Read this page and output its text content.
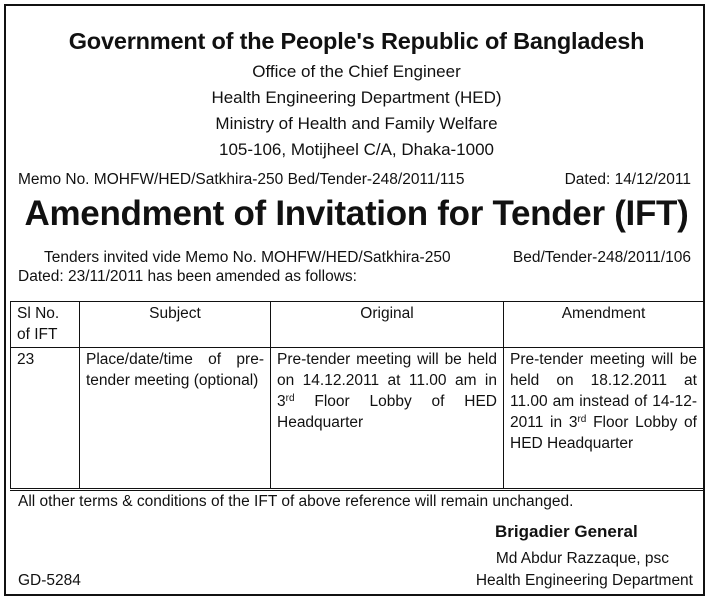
Government of the People's Republic of Bangladesh
Office of the Chief Engineer
Health Engineering Department (HED)
Ministry of Health and Family Welfare
105-106, Motijheel C/A, Dhaka-1000
Memo No. MOHFW/HED/Satkhira-250 Bed/Tender-248/2011/115	Dated: 14/12/2011
Amendment of Invitation for Tender (IFT)
Tenders invited vide Memo No. MOHFW/HED/Satkhira-250	Bed/Tender-248/2011/106
Dated: 23/11/2011 has been amended as follows:
Sl No. of IFT	Subject	Original	Amendment
23	Place/date/time of pre-tender meeting (optional)	Pre-tender meeting will be held on 14.12.2011 at 11.00 am in 3rd Floor Lobby of HED Headquarter	Pre-tender meeting will be held on 18.12.2011 at 11.00 am instead of 14-12-2011 in 3rd Floor Lobby of HED Headquarter
All other terms & conditions of the IFT of above reference will remain unchanged.
Brigadier General
Md Abdur Razzaque, psc
Health Engineering Department
GD-5284
